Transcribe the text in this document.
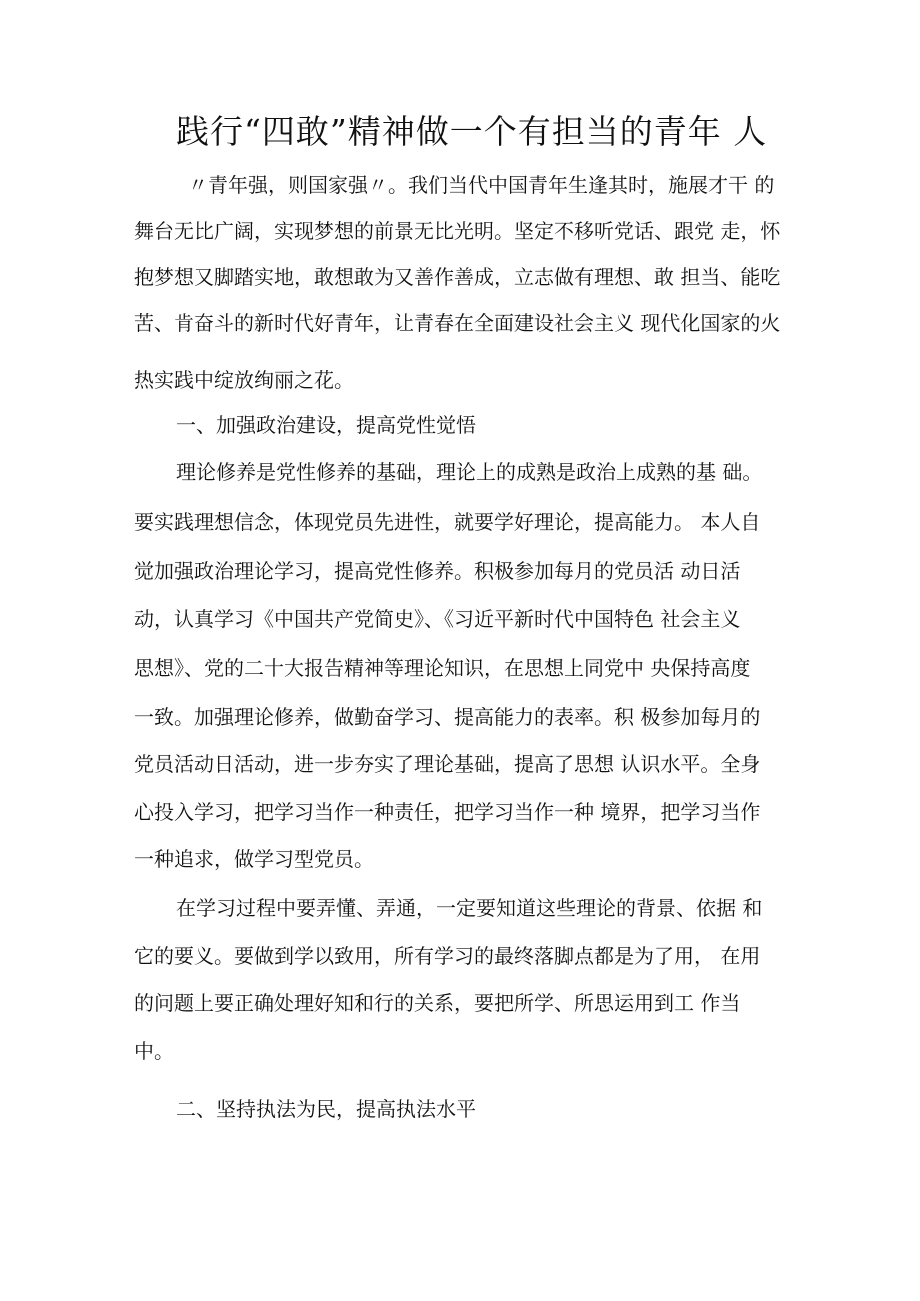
践行“四敢”精神做一个有担当的青年 人
〃青年强，则国家强〃。我们当代中国青年生逢其时，施展才干 的
舞台无比广阔，实现梦想的前景无比光明。坚定不移听党话、跟党 走，怀
抱梦想又脚踏实地，敢想敢为又善作善成，立志做有理想、敢 担当、能吃
苦、肯奋斗的新时代好青年，让青春在全面建设社会主义 现代化国家的火
热实践中绽放绚丽之花。
一、加强政治建设，提高党性觉悟
理论修养是党性修养的基础，理论上的成熟是政治上成熟的基 础。
要实践理想信念，体现党员先进性，就要学好理论，提高能力。 本人自
觉加强政治理论学习，提高党性修养。积极参加每月的党员活 动日活
动，认真学习《中国共产党简史》、《习近平新时代中国特色 社会主义
思想》、党的二十大报告精神等理论知识，在思想上同党中 央保持高度
一致。加强理论修养，做勤奋学习、提高能力的表率。积 极参加每月的
党员活动日活动，进一步夯实了理论基础，提高了思想 认识水平。全身
心投入学习，把学习当作一种责任，把学习当作一种 境界，把学习当作
一种追求，做学习型党员。
在学习过程中要弄懂、弄通，一定要知道这些理论的背景、依据 和
它的要义。要做到学以致用，所有学习的最终落脚点都是为了用， 在用
的问题上要正确处理好知和行的关系，要把所学、所思运用到工 作当
中。
二、坚持执法为民，提高执法水平
